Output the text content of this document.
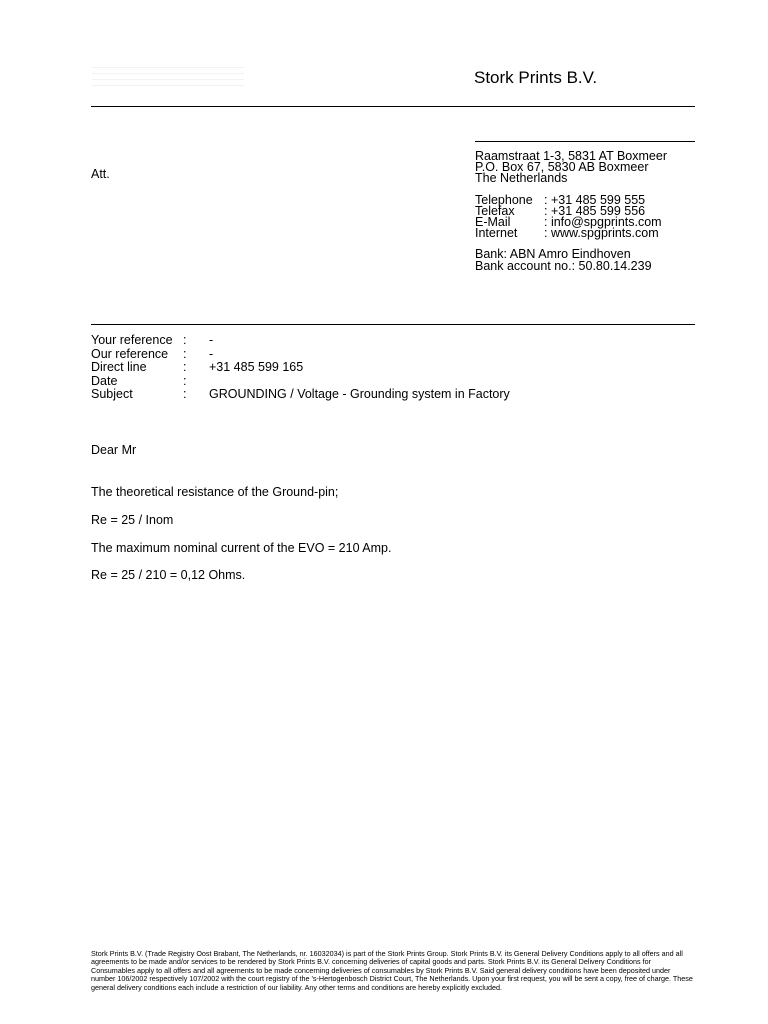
Stork Prints B.V.
Raamstraat 1-3, 5831 AT Boxmeer
P.O. Box 67, 5830 AB Boxmeer
The Netherlands
Telephone : +31 485 599 555
Telefax	: +31 485 599 556
E-Mail	: info@spgprints.com
Internet	: www.spgprints.com
Bank: ABN Amro Eindhoven
Bank account no.: 50.80.14.239
Att.
Your reference :	-
Our reference	:	-
Direct line	:	+31 485 599 165
Date	:
Subject	:	GROUNDING / Voltage - Grounding system in Factory
Dear Mr
The theoretical resistance of the Ground-pin;
Re = 25 / Inom
The maximum nominal current of the EVO = 210 Amp.
Re = 25 / 210 = 0,12 Ohms.
Stork Prints B.V. (Trade Registry Oost Brabant, The Netherlands, nr. 16032034) is part of the Stork Prints Group. Stork Prints B.V. its General Delivery Conditions apply to all offers and all agreements to be made and/or services to be rendered by Stork Prints B.V. concerning deliveries of capital goods and parts. Stork Prints B.V. its General Delivery Conditions for Consumables apply to all offers and all agreements to be made concerning deliveries of consumables by Stork Prints B.V. Said general delivery conditions have been deposited under number 106/2002 respectively 107/2002 with the court registry of the 's-Hertogenbosch District Court, The Netherlands. Upon your first request, you will be sent a copy, free of charge. These general delivery conditions each include a restriction of our liability. Any other terms and conditions are hereby explicitly excluded.
